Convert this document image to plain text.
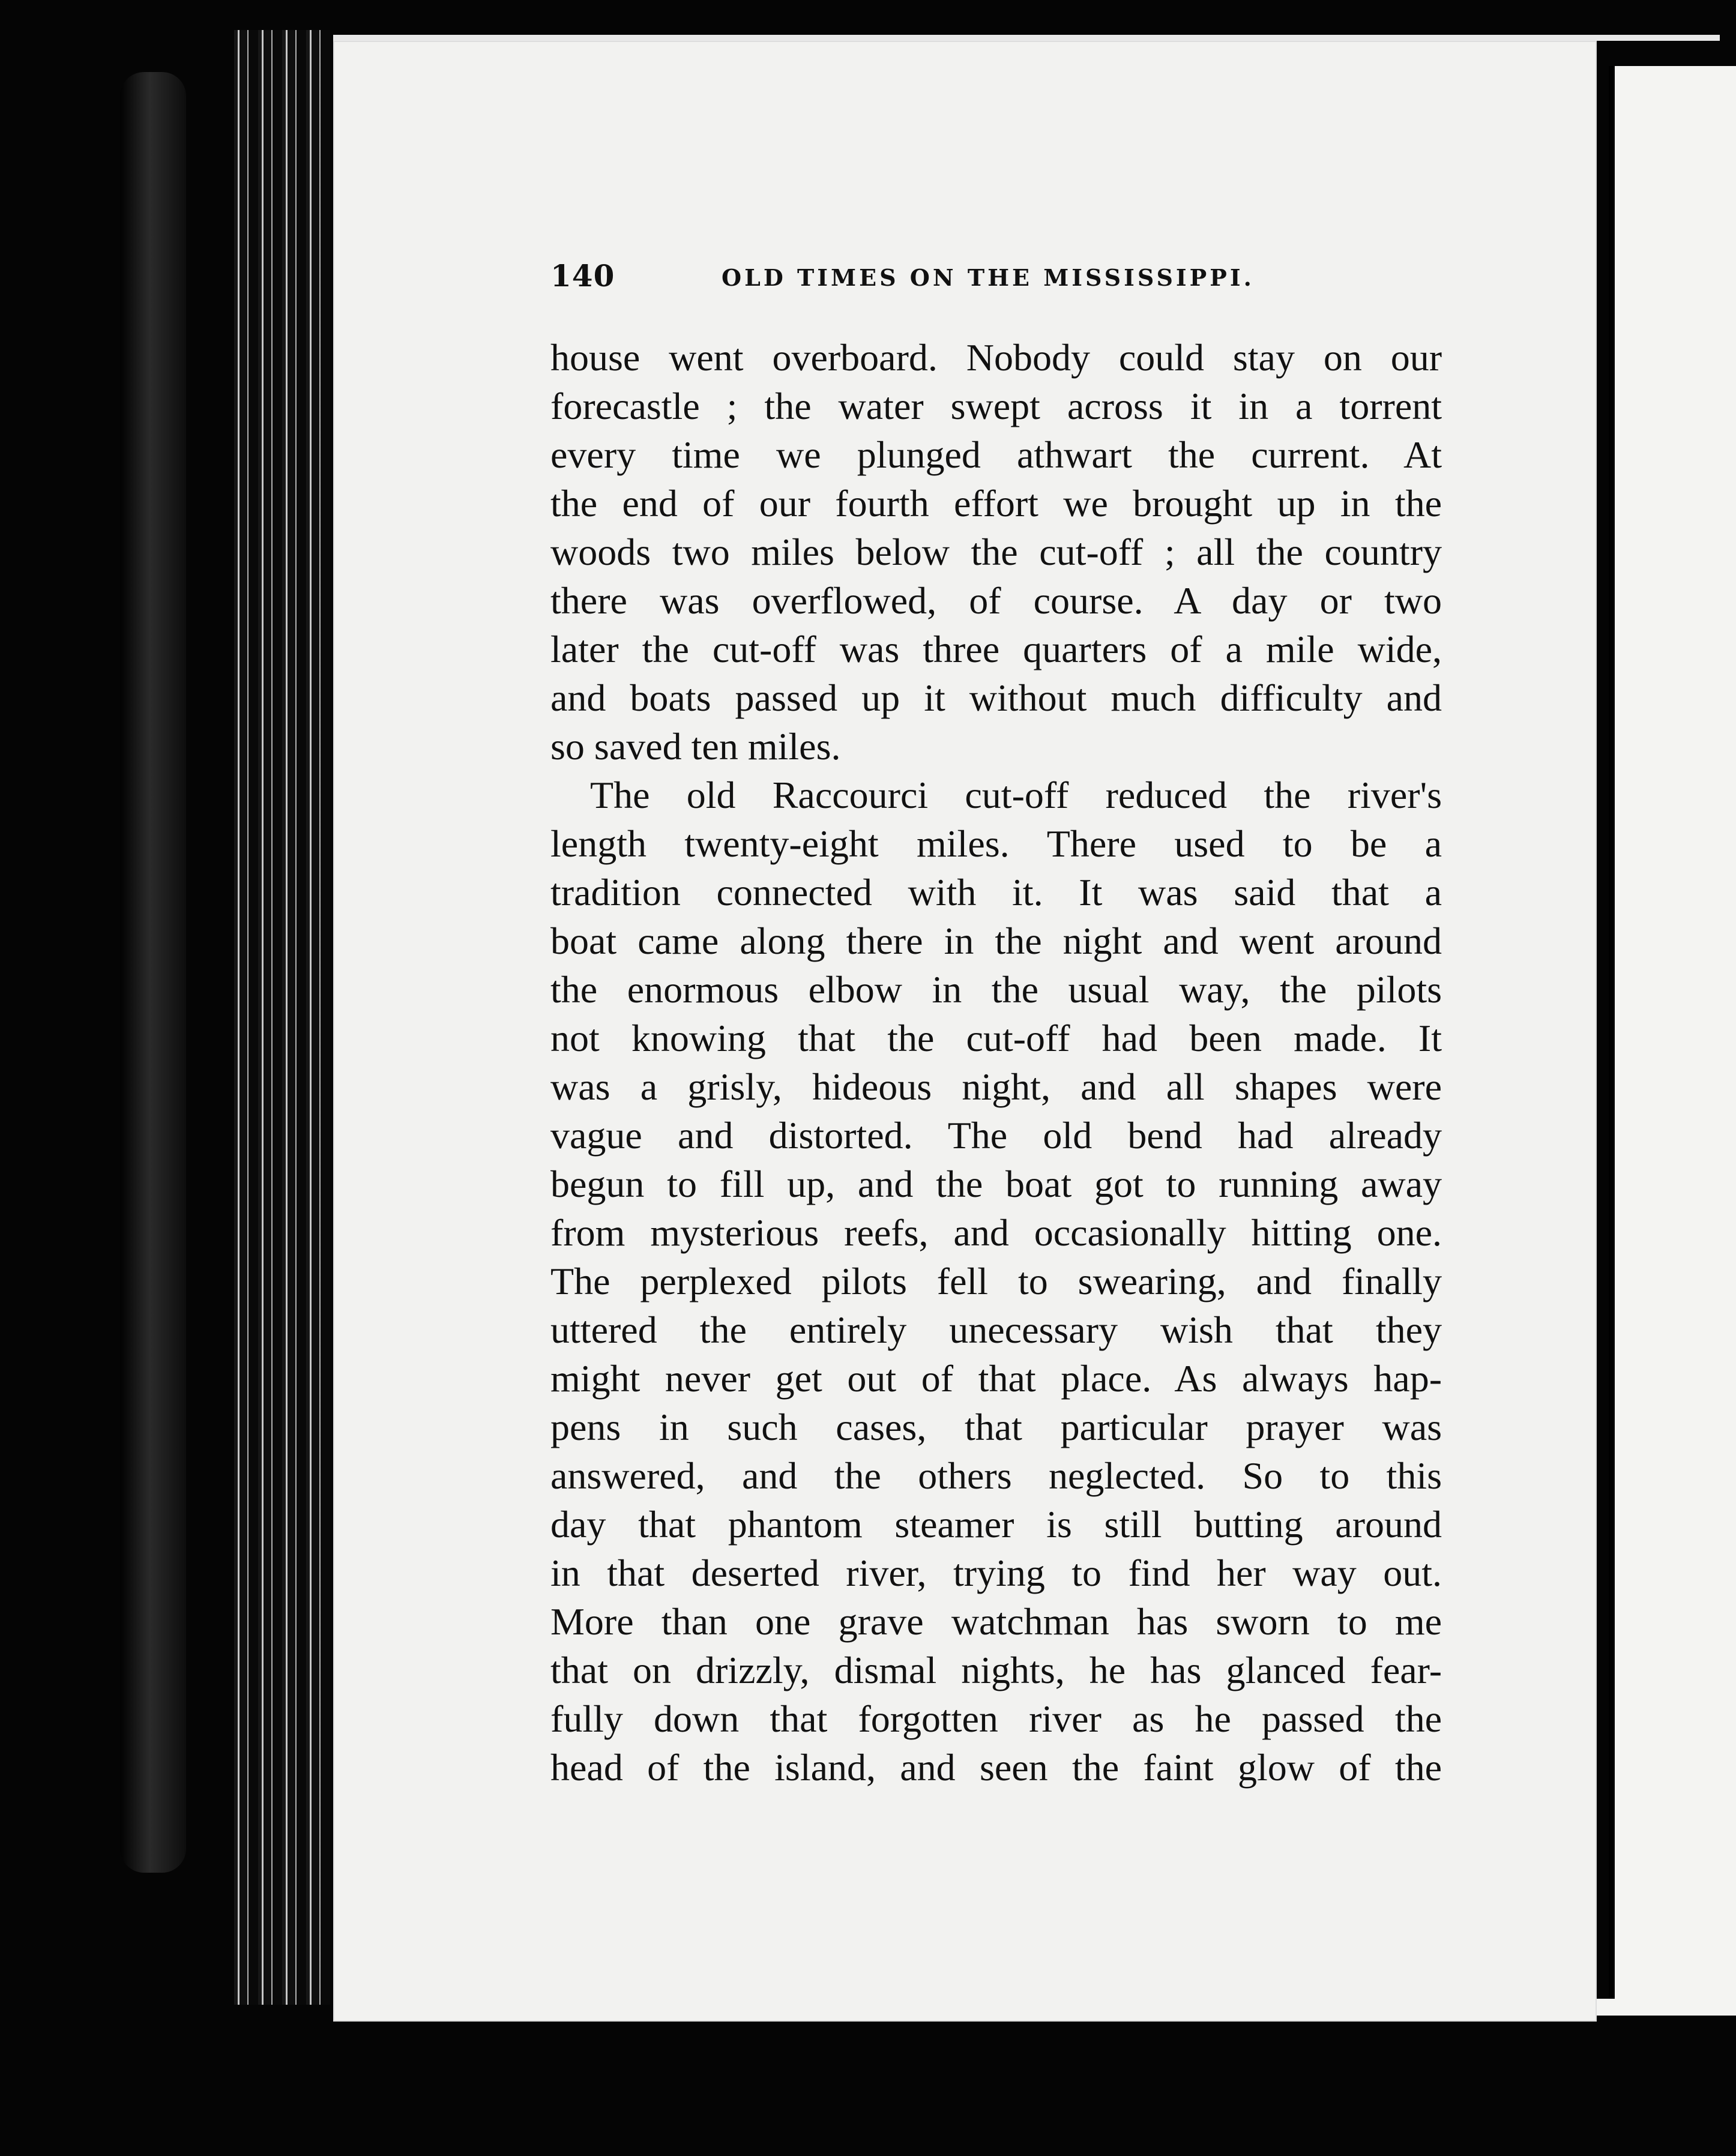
140	OLD TIMES ON THE MISSISSIPPI.
house went overboard. Nobody could stay on our
forecastle ; the water swept across it in a torrent
every time we plunged athwart the current. At
the end of our fourth effort we brought up in the
woods two miles below the cut-off ; all the country
there was overflowed, of course. A day or two
later the cut-off was three quarters of a mile wide,
and boats passed up it without much difficulty and
so saved ten miles.
The old Raccourci cut-off reduced the river's
length twenty-eight miles. There used to be a
tradition connected with it. It was said that a
boat came along there in the night and went around
the enormous elbow in the usual way, the pilots
not knowing that the cut-off had been made. It
was a grisly, hideous night, and all shapes were
vague and distorted. The old bend had already
begun to fill up, and the boat got to running away
from mysterious reefs, and occasionally hitting one.
The perplexed pilots fell to swearing, and finally
uttered the entirely unecessary wish that they
might never get out of that place. As always hap-
pens in such cases, that particular prayer was
answered, and the others neglected. So to this
day that phantom steamer is still butting around
in that deserted river, trying to find her way out.
More than one grave watchman has sworn to me
that on drizzly, dismal nights, he has glanced fear-
fully down that forgotten river as he passed the
head of the island, and seen the faint glow of the
